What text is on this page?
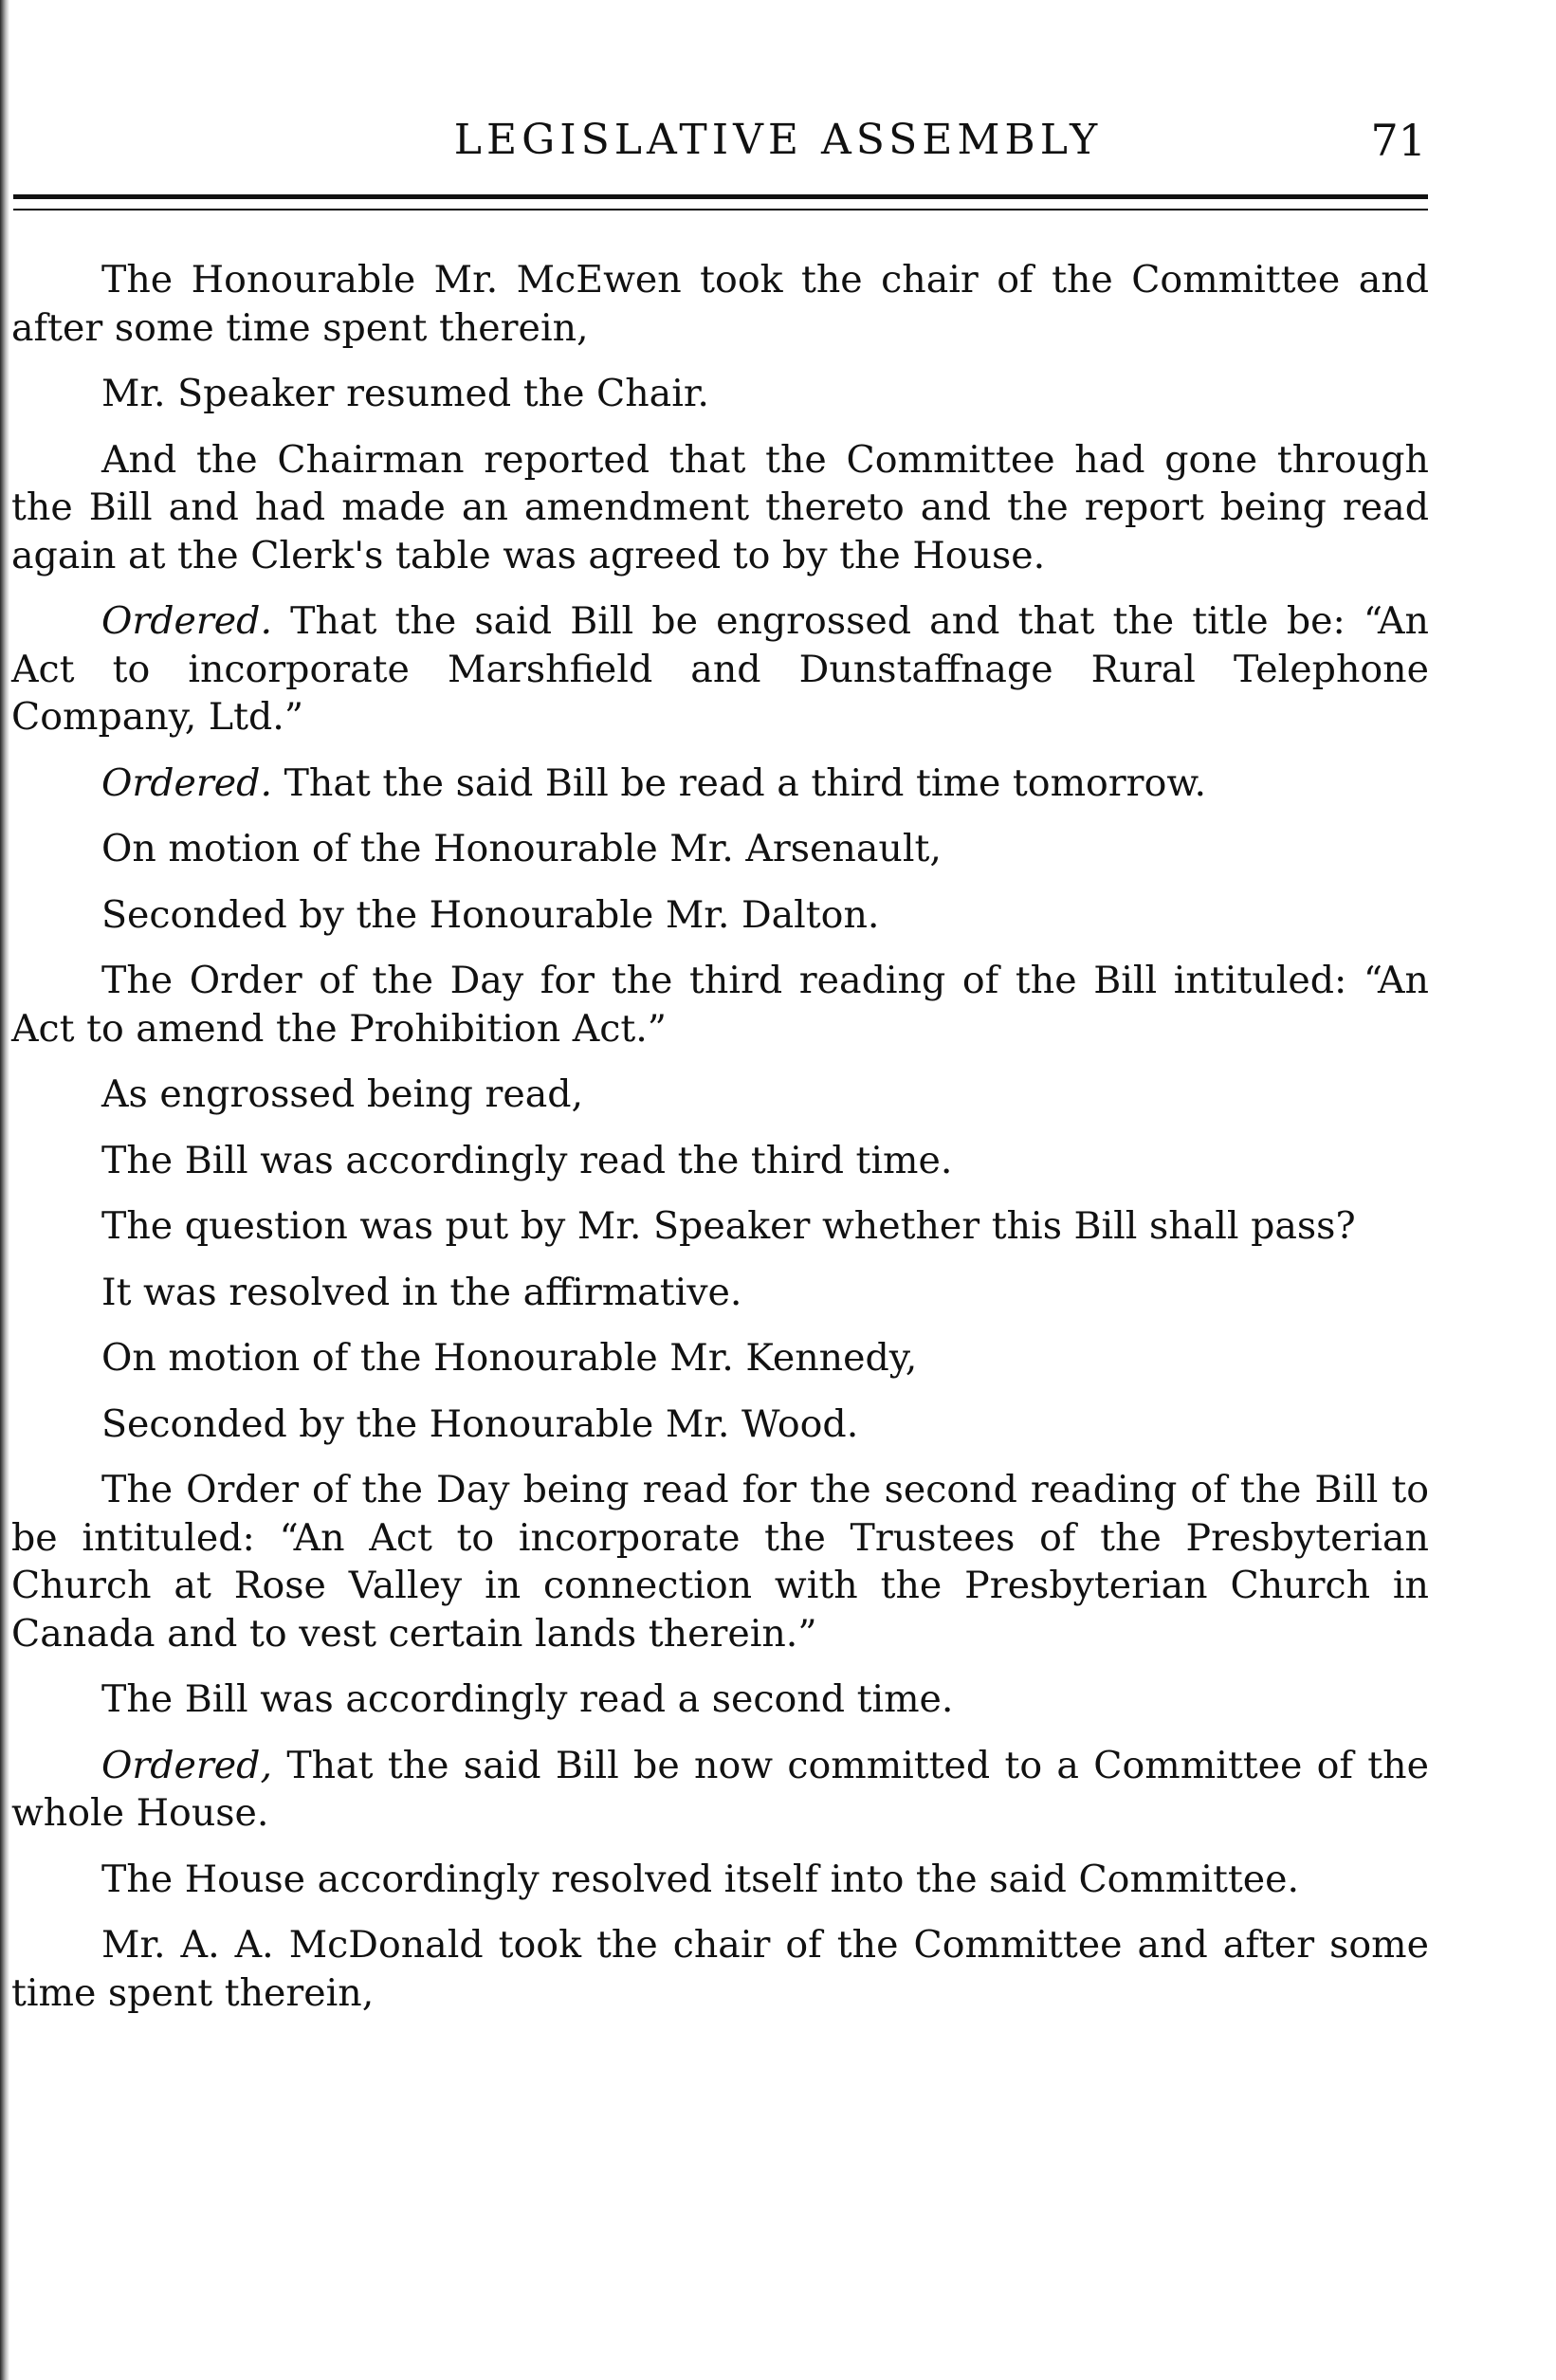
LEGISLATIVE ASSEMBLY	71

The Honourable Mr. McEwen took the chair of the Committee and after some time spent therein,

Mr. Speaker resumed the Chair.

And the Chairman reported that the Committee had gone through the Bill and had made an amendment thereto and the report being read again at the Clerk's table was agreed to by the House.

Ordered. That the said Bill be engrossed and that the title be: “An Act to incorporate Marshfield and Dunstaffnage Rural Telephone Company, Ltd.”

Ordered. That the said Bill be read a third time tomorrow.

On motion of the Honourable Mr. Arsenault,

Seconded by the Honourable Mr. Dalton.

The Order of the Day for the third reading of the Bill intituled: “An Act to amend the Prohibition Act.”

As engrossed being read,

The Bill was accordingly read the third time.

The question was put by Mr. Speaker whether this Bill shall pass?

It was resolved in the affirmative.

On motion of the Honourable Mr. Kennedy,

Seconded by the Honourable Mr. Wood.

The Order of the Day being read for the second reading of the Bill to be intituled: “An Act to incorporate the Trustees of the Presbyterian Church at Rose Valley in connection with the Presbyterian Church in Canada and to vest certain lands therein.”

The Bill was accordingly read a second time.

Ordered, That the said Bill be now committed to a Committee of the whole House.

The House accordingly resolved itself into the said Committee.

Mr. A. A. McDonald took the chair of the Committee and after some time spent therein,
